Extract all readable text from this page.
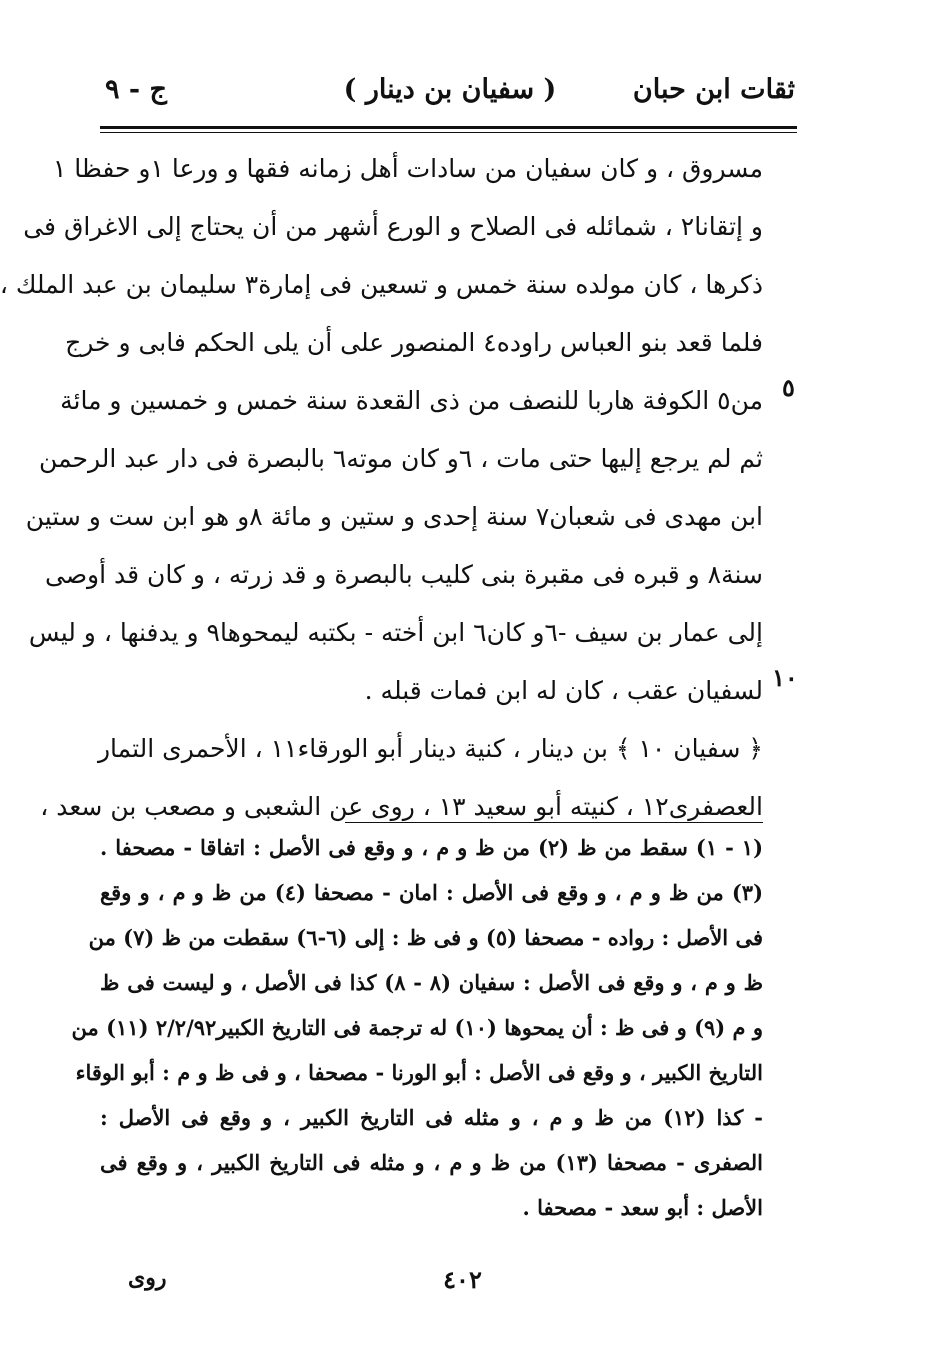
ثقات ابن حبان
( سفيان بن دينار )
ج - ٩
مسروق ، و كان سفيان من سادات أهل زمانه فقها و ورعا ١و حفظا ١
و إتقانا٢ ، شمائله فى الصلاح و الورع أشهر من أن يحتاج إلى الاغراق فى
ذكرها ، كان مولده سنة خمس و تسعين فى إمارة٣ سليمان بن عبد الملك ،
فلما قعد بنو العباس راوده٤ المنصور على أن يلى الحكم فابى و خرج
من٥ الكوفة هاربا للنصف من ذى القعدة سنة خمس و خمسين و مائة
ثم لم يرجع إليها حتى مات ، ٦و كان موته٦ بالبصرة فى دار عبد الرحمن
ابن مهدى فى شعبان٧ سنة إحدى و ستين و مائة ٨و هو ابن ست و ستين
سنة٨ و قبره فى مقبرة بنى كليب بالبصرة و قد زرته ، و كان قد أوصى
إلى عمار بن سيف -٦و كان٦ ابن أخته - بكتبه ليمحوها٩ و يدفنها ، و ليس
لسفيان عقب ، كان له ابن فمات قبله .
﴿ سفيان ١٠ ﴾ بن دينار ، كنية دينار أبو الورقاء١١ ، الأحمرى التمار
العصفرى١٢ ، كنيته أبو سعيد ١٣ ، روى عن الشعبى و مصعب بن سعد ،
٥
١٠
(١ - ١) سقط من ظ (٢) من ظ و م ، و وقع فى الأصل : اتفاقا - مصحفا .
(٣) من ظ و م ، و وقع فى الأصل : امان - مصحفا (٤) من ظ و م ، و وقع
فى الأصل : رواده - مصحفا (٥) و فى ظ : إلى (٦-٦) سقطت من ظ (٧) من
ظ و م ، و وقع فى الأصل : سفيان (٨ - ٨) كذا فى الأصل ، و ليست فى ظ
و م (٩) و فى ظ : أن يمحوها (١٠) له ترجمة فى التاريخ الكبير٢/٢/٩٢ (١١) من
التاريخ الكبير ، و وقع فى الأصل : أبو الورنا - مصحفا ، و فى ظ و م : أبو الوقاء
- كذا (١٢) من ظ و م ، و مثله فى التاريخ الكبير ، و وقع فى الأصل :
الصفرى - مصحفا (١٣) من ظ و م ، و مثله فى التاريخ الكبير ، و وقع فى
الأصل : أبو سعد - مصحفا .
٤٠٢
روى
